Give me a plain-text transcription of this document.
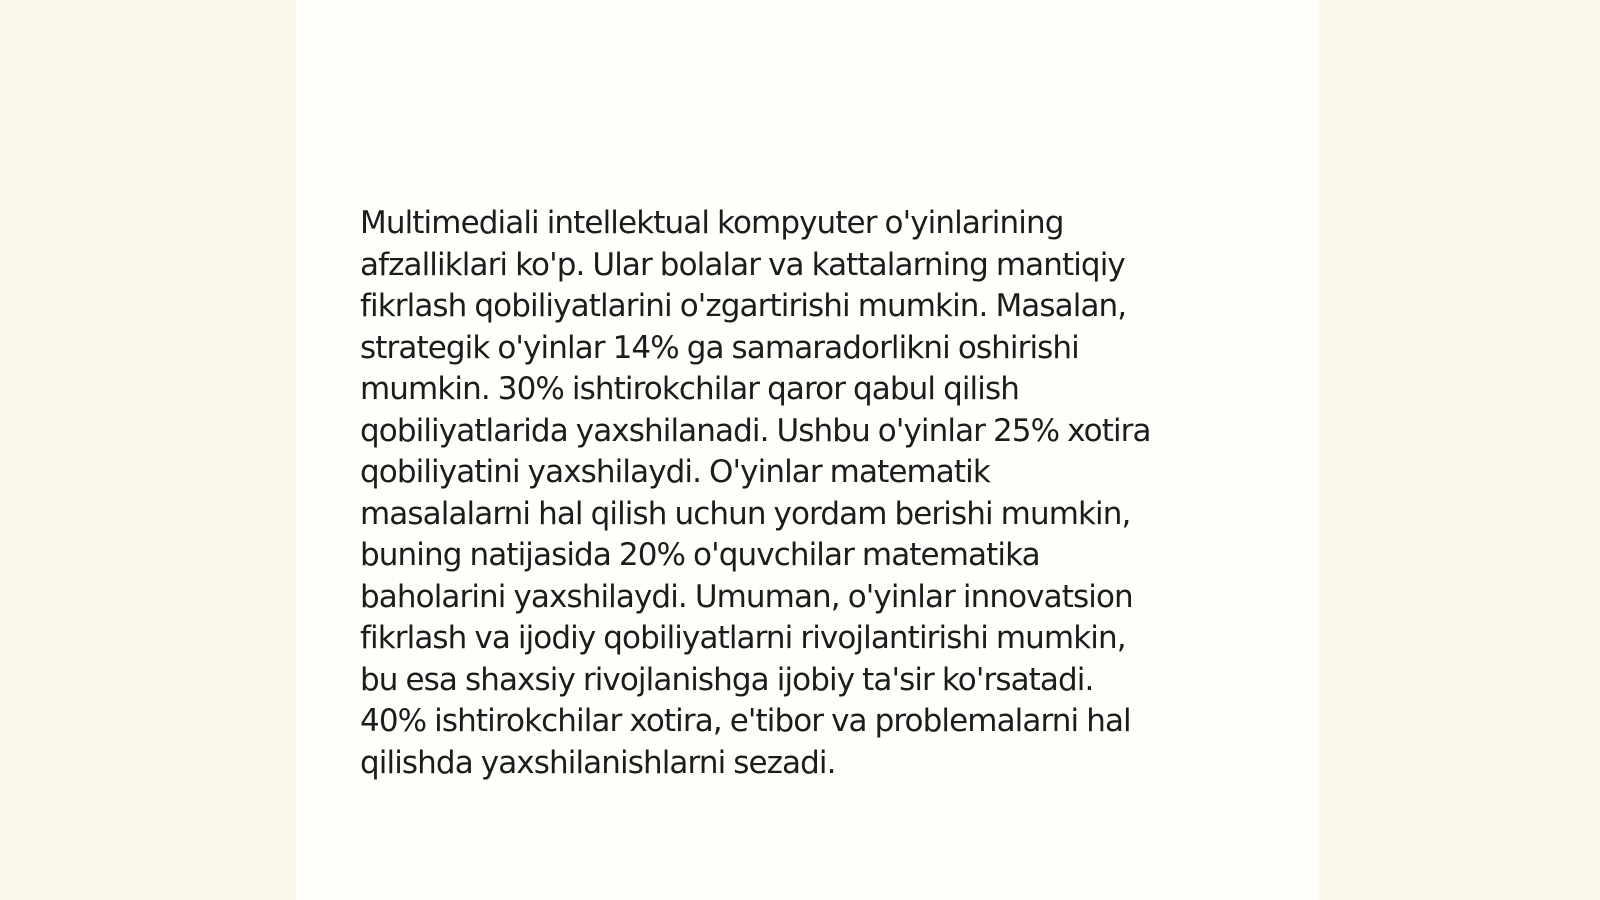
Multimediali intellektual kompyuter o'yinlarining
afzalliklari ko'p. Ular bolalar va kattalarning mantiqiy
fikrlash qobiliyatlarini o'zgartirishi mumkin. Masalan,
strategik o'yinlar 14% ga samaradorlikni oshirishi
mumkin. 30% ishtirokchilar qaror qabul qilish
qobiliyatlarida yaxshilanadi. Ushbu o'yinlar 25% xotira
qobiliyatini yaxshilaydi. O'yinlar matematik
masalalarni hal qilish uchun yordam berishi mumkin,
buning natijasida 20% o'quvchilar matematika
baholarini yaxshilaydi. Umuman, o'yinlar innovatsion
fikrlash va ijodiy qobiliyatlarni rivojlantirishi mumkin,
bu esa shaxsiy rivojlanishga ijobiy ta'sir ko'rsatadi.
40% ishtirokchilar xotira, e'tibor va problemalarni hal
qilishda yaxshilanishlarni sezadi.
